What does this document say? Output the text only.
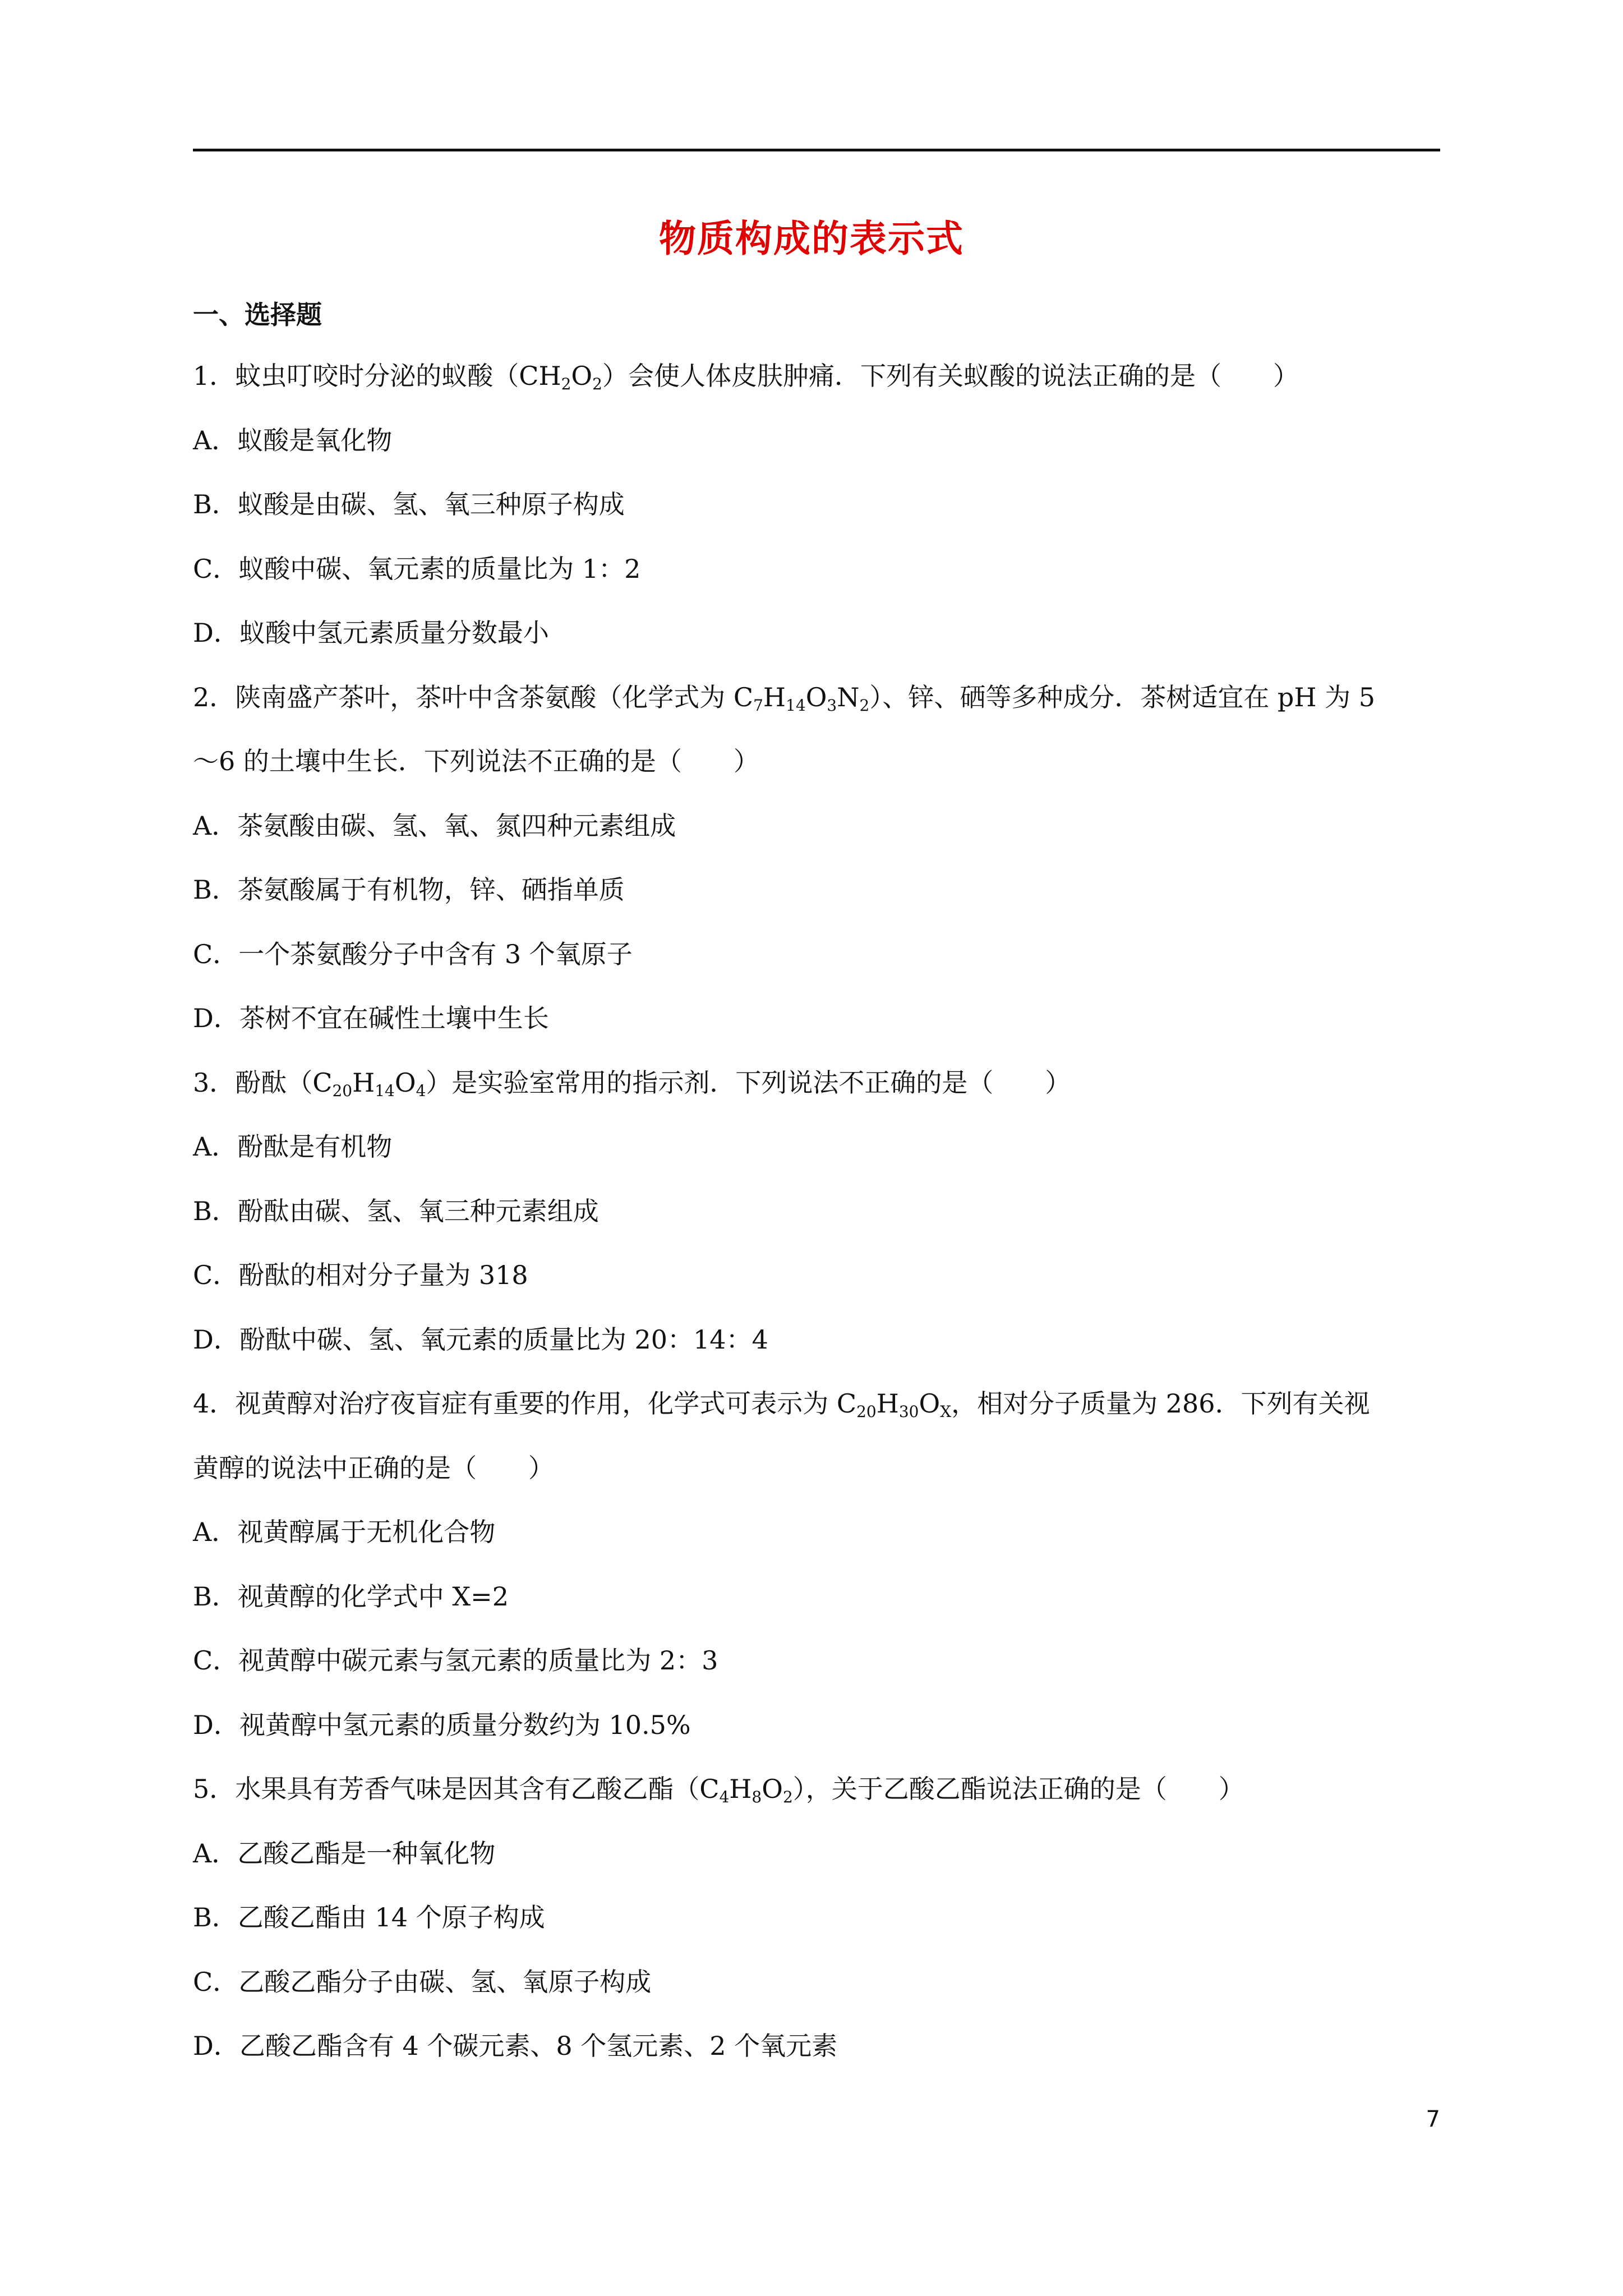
物质构成的表示式
一、选择题
1．蚊虫叮咬时分泌的蚁酸$(CH_2O_2)$会使人体皮肤肿痛．下列有关蚁酸的说法正确的是（　　）
A．蚁酸是氧化物
B．蚁酸是由碳、氢、氧三种原子构成
C．蚁酸中碳、氧元素的质量比为 1：2
D．蚁酸中氢元素质量分数最小
2．陕南盛产茶叶，茶叶中含茶氨酸（化学式为 $C_7H_{14}O_3N_2$）、锌、硒等多种成分．茶树适宜在 pH 为 5
～6 的土壤中生长．下列说法不正确的是（　　）
A．茶氨酸由碳、氢、氧、氮四种元素组成
B．茶氨酸属于有机物，锌、硒指单质
C．一个茶氨酸分子中含有 3 个氧原子
D．茶树不宜在碱性土壤中生长
3．酚酞$(C_{20}H_{14}O_4)$是实验室常用的指示剂．下列说法不正确的是（　　）
A．酚酞是有机物
B．酚酞由碳、氢、氧三种元素组成
C．酚酞的相对分子量为 318
D．酚酞中碳、氢、氧元素的质量比为 20：14：4
4．视黄醇对治疗夜盲症有重要的作用，化学式可表示为 $C_{20}H_{30}O_X$，相对分子质量为 286．下列有关视
黄醇的说法中正确的是（　　）
A．视黄醇属于无机化合物
B．视黄醇的化学式中 X=2
C．视黄醇中碳元素与氢元素的质量比为 2：3
D．视黄醇中氢元素的质量分数约为 10.5%
5．水果具有芳香气味是因其含有乙酸乙酯$(C_4H_8O_2)$，关于乙酸乙酯说法正确的是（　　）
A．乙酸乙酯是一种氧化物
B．乙酸乙酯由 14 个原子构成
C．乙酸乙酯分子由碳、氢、氧原子构成
D．乙酸乙酯含有 4 个碳元素、8 个氢元素、2 个氧元素
7
